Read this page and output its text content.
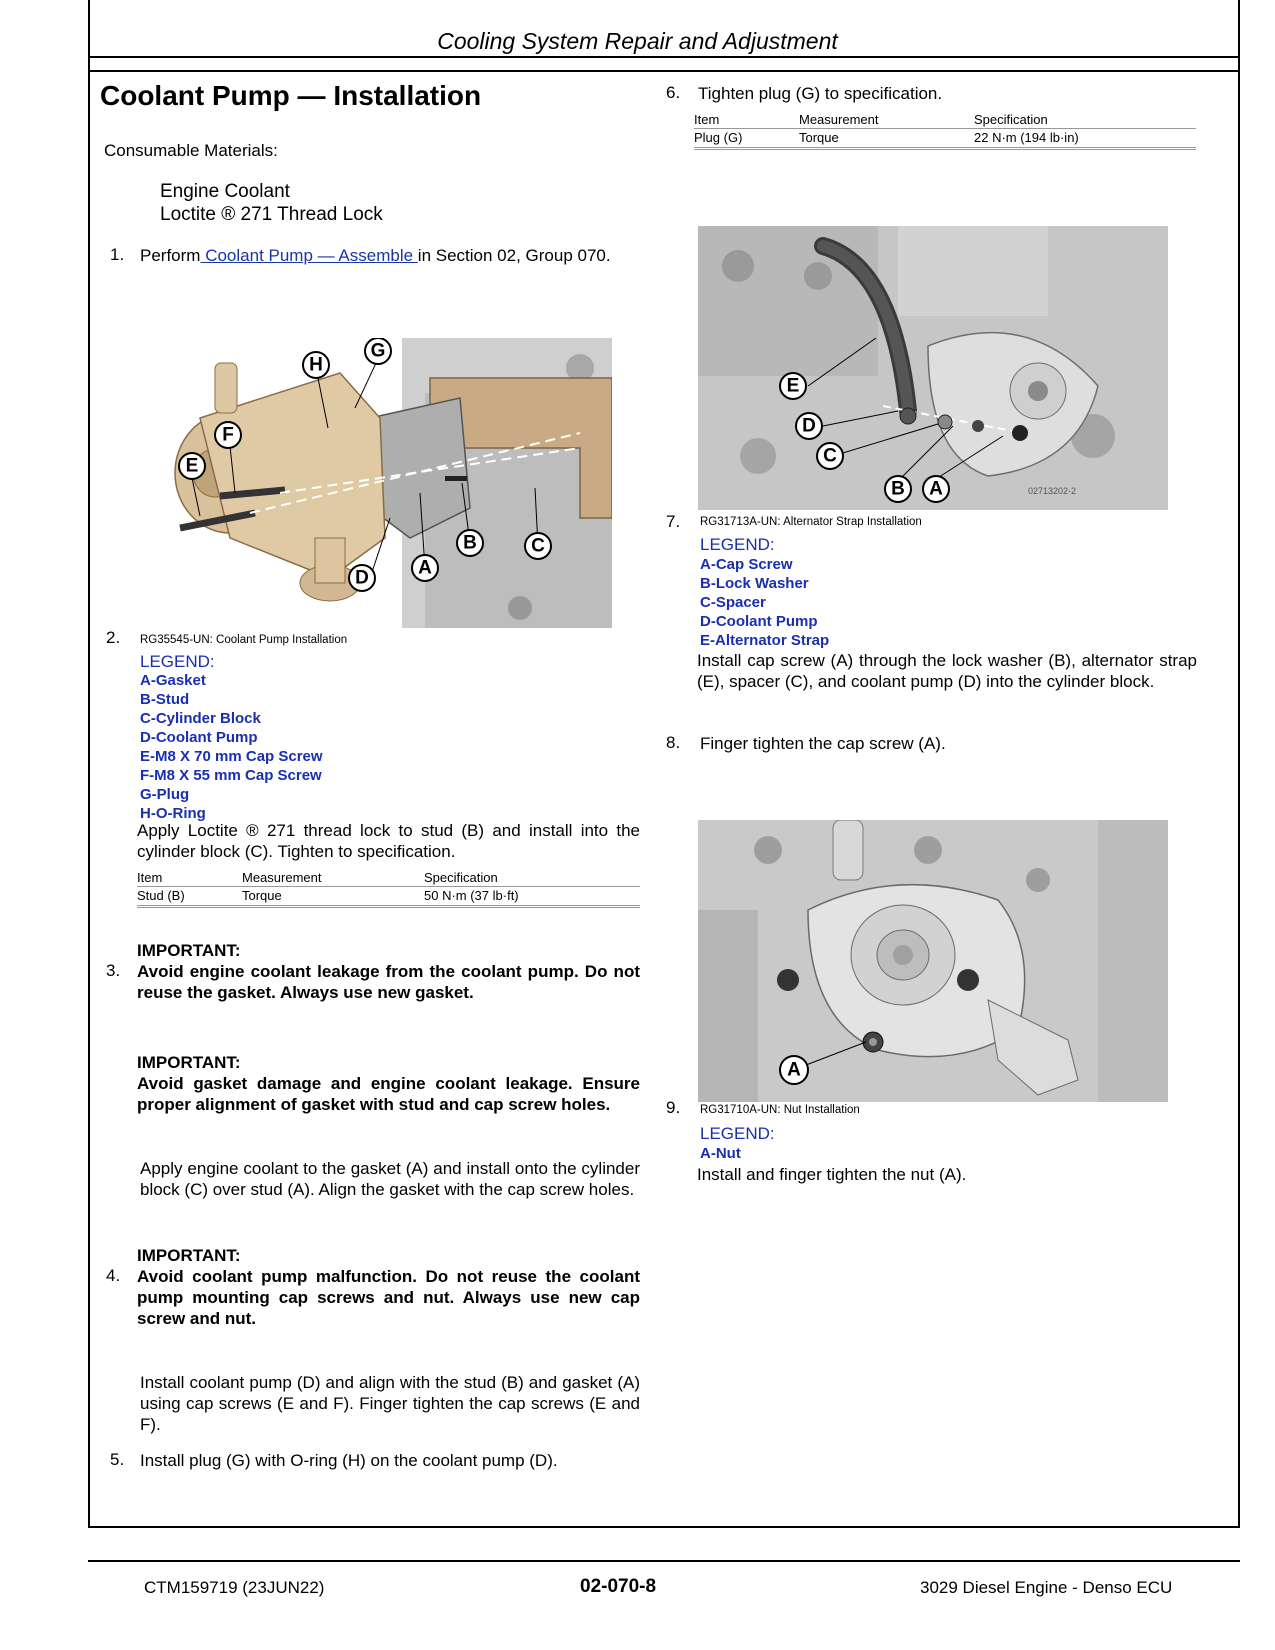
Cooling System Repair and Adjustment
Coolant Pump — Installation
Consumable Materials:
Engine Coolant
Loctite ® 271 Thread Lock
1. Perform Coolant Pump — Assemble in Section 02, Group 070.
A
B	C
D
E
F
G
H
2. RG35545-UN: Coolant Pump Installation
LEGEND:
A-Gasket
B-Stud
C-Cylinder Block
D-Coolant Pump
E-M8 X 70 mm Cap Screw
F-M8 X 55 mm Cap Screw
G-Plug
H-O-Ring
Apply Loctite ® 271 thread lock to stud (B) and install into the cylinder block (C). Tighten to specification.
Item	Measurement	Specification
Stud (B)	Torque	50 N·m (37 lb·ft)
IMPORTANT:
3. Avoid engine coolant leakage from the coolant pump. Do not reuse the gasket. Always use new gasket.
IMPORTANT:
Avoid gasket damage and engine coolant leakage. Ensure proper alignment of gasket with stud and cap screw holes.
Apply engine coolant to the gasket (A) and install onto the cylinder block (C) over stud (A). Align the gasket with the cap screw holes.
IMPORTANT:
4. Avoid coolant pump malfunction. Do not reuse the coolant pump mounting cap screws and nut. Always use new cap screw and nut.
Install coolant pump (D) and align with the stud (B) and gasket (A) using cap screws (E and F). Finger tighten the cap screws (E and F).
5. Install plug (G) with O-ring (H) on the coolant pump (D).
6. Tighten plug (G) to specification.
Item	Measurement	Specification
Plug (G)	Torque	22 N·m (194 lb·in)
02713202-2
E
D
C
B A
7. RG31713A-UN: Alternator Strap Installation
LEGEND:
A-Cap Screw
B-Lock Washer
C-Spacer
D-Coolant Pump
E-Alternator Strap
Install cap screw (A) through the lock washer (B), alternator strap (E), spacer (C), and coolant pump (D) into the cylinder block.
8. Finger tighten the cap screw (A).
A
9. RG31710A-UN: Nut Installation
LEGEND:
A-Nut
Install and finger tighten the nut (A).
CTM159719 (23JUN22)	02-070-8	3029 Diesel Engine - Denso ECU
